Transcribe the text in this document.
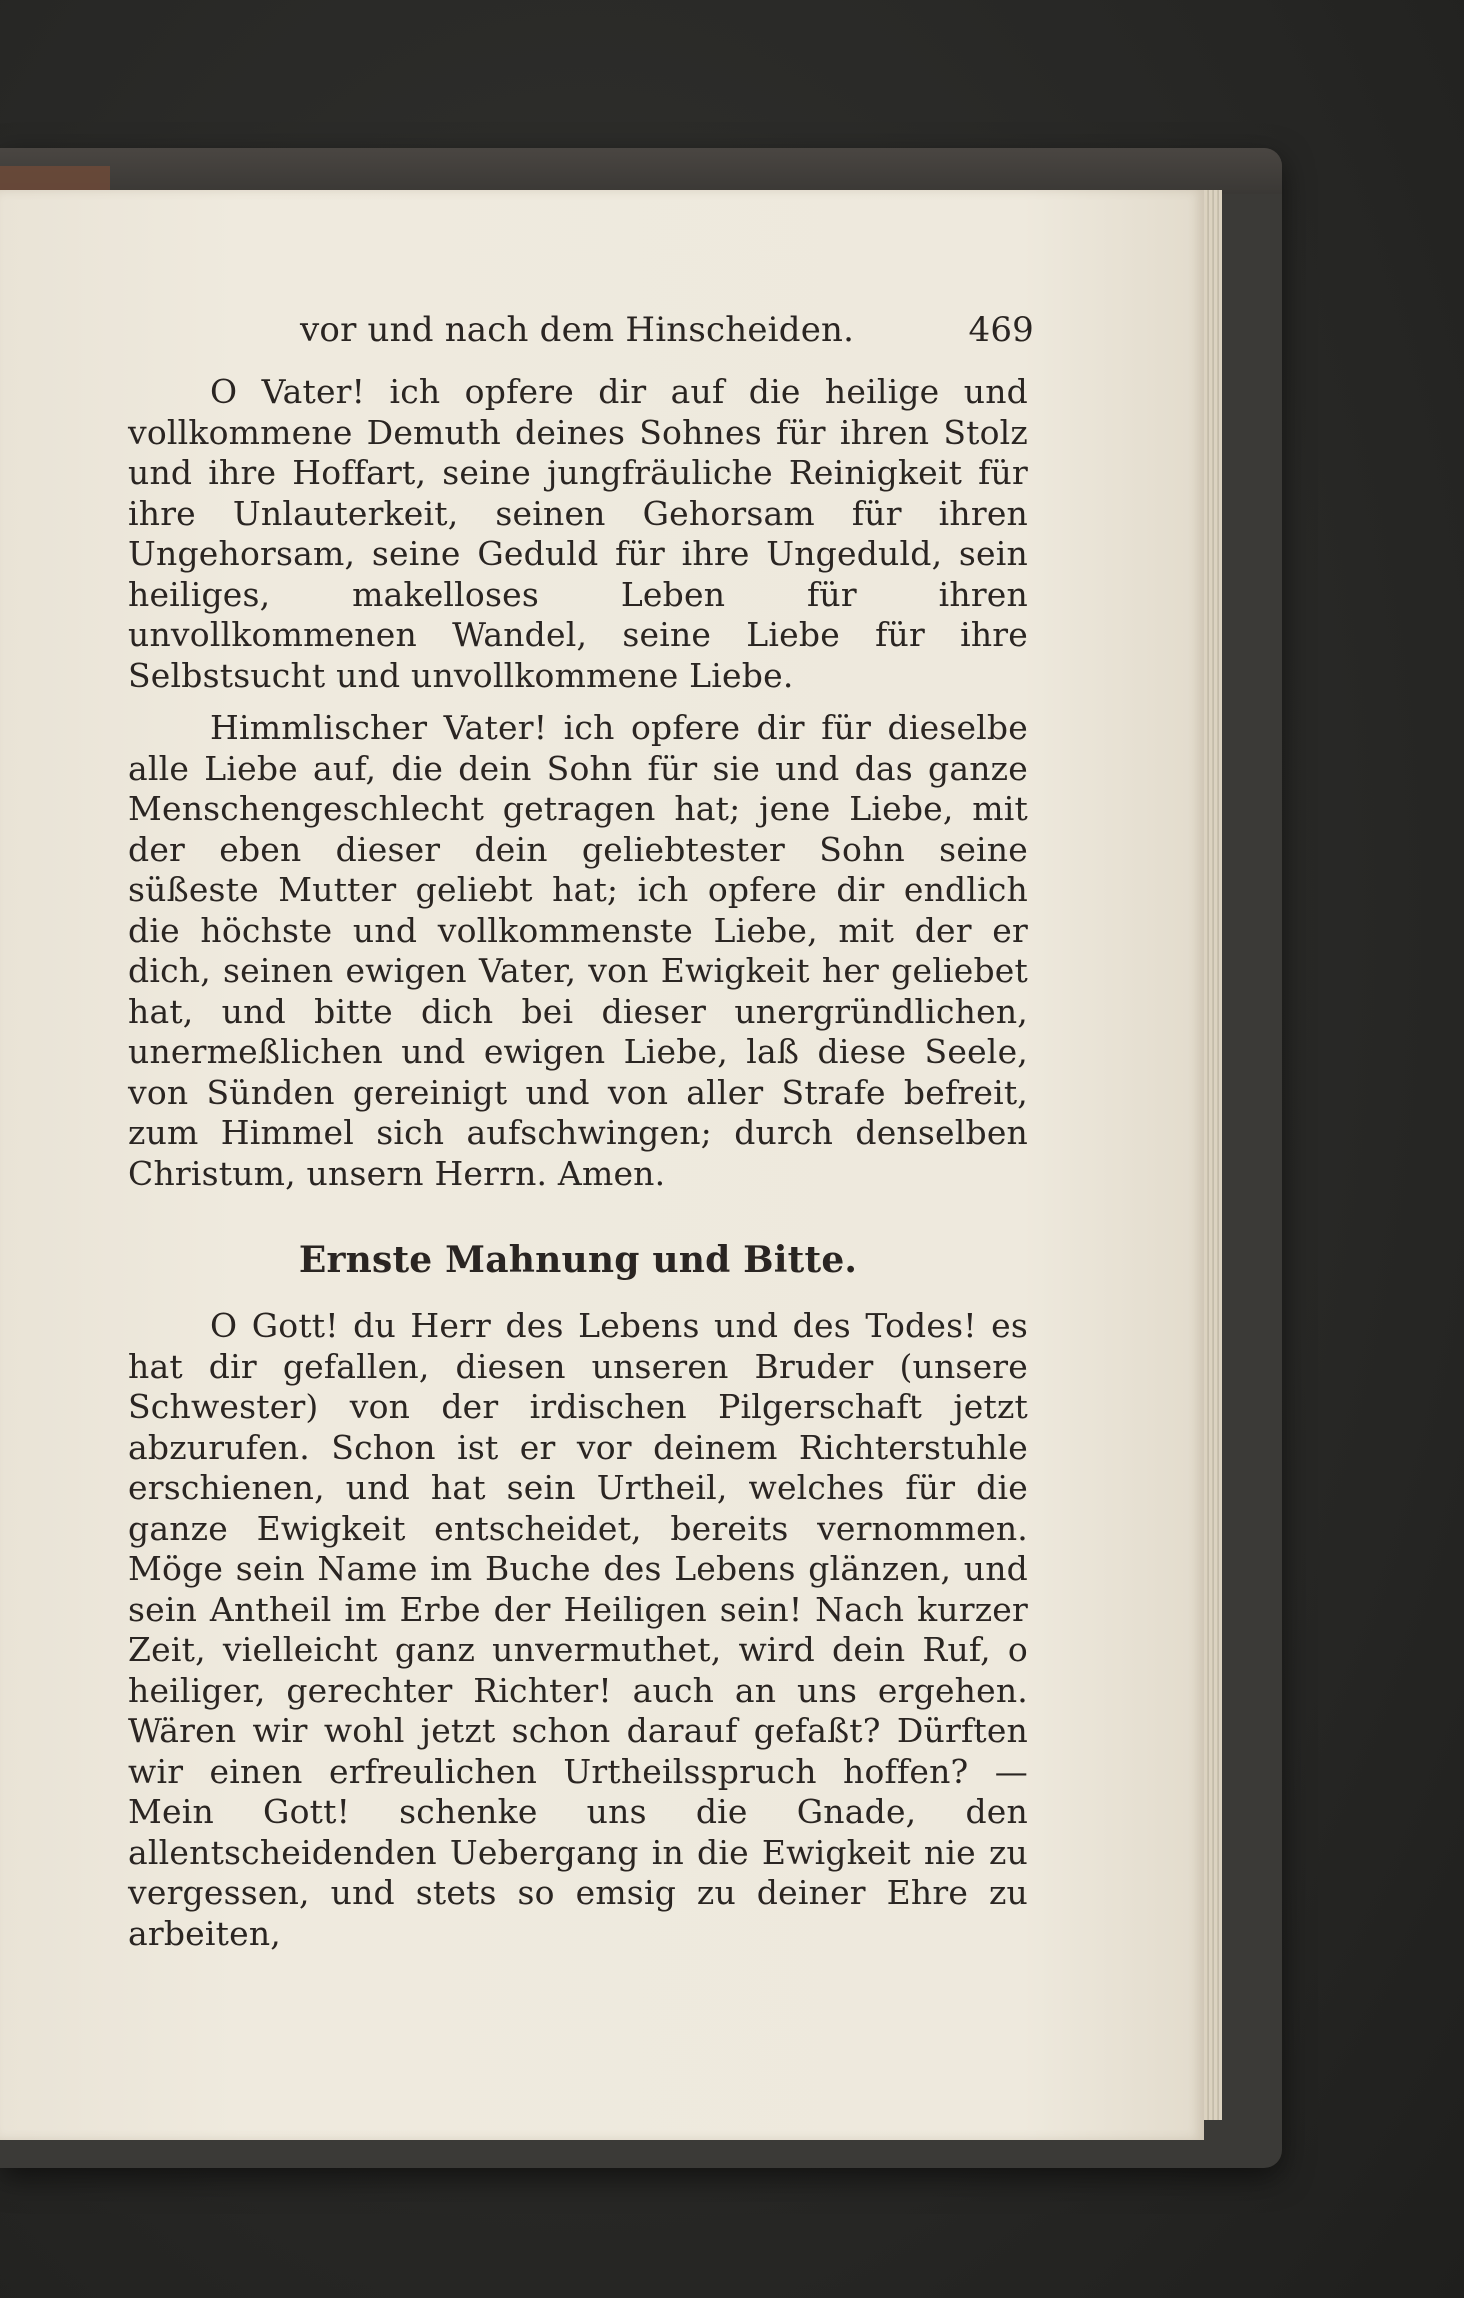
vor und nach dem Hinscheiden.	469

O Vater! ich opfere dir auf die heilige und vollkommene Demuth deines Sohnes für ihren Stolz und ihre Hoffart, seine jungfräuliche Reinigkeit für ihre Unlauterkeit, seinen Gehorsam für ihren Ungehorsam, seine Geduld für ihre Ungeduld, sein heiliges, makelloses Leben für ihren unvollkommenen Wandel, seine Liebe für ihre Selbstsucht und unvollkommene Liebe.

Himmlischer Vater! ich opfere dir für dieselbe alle Liebe auf, die dein Sohn für sie und das ganze Menschengeschlecht getragen hat; jene Liebe, mit der eben dieser dein geliebtester Sohn seine süßeste Mutter geliebt hat; ich opfere dir endlich die höchste und vollkommenste Liebe, mit der er dich, seinen ewigen Vater, von Ewigkeit her geliebet hat, und bitte dich bei dieser unergründlichen, unermeßlichen und ewigen Liebe, laß diese Seele, von Sünden gereinigt und von aller Strafe befreit, zum Himmel sich aufschwingen; durch denselben Christum, unsern Herrn. Amen.

Ernste Mahnung und Bitte.

O Gott! du Herr des Lebens und des Todes! es hat dir gefallen, diesen unseren Bruder (unsere Schwester) von der irdischen Pilgerschaft jetzt abzurufen. Schon ist er vor deinem Richterstuhle erschienen, und hat sein Urtheil, welches für die ganze Ewigkeit entscheidet, bereits vernommen. Möge sein Name im Buche des Lebens glänzen, und sein Antheil im Erbe der Heiligen sein! Nach kurzer Zeit, vielleicht ganz unvermuthet, wird dein Ruf, o heiliger, gerechter Richter! auch an uns ergehen. Wären wir wohl jetzt schon darauf gefaßt? Dürften wir einen erfreulichen Urtheilsspruch hoffen? — Mein Gott! schenke uns die Gnade, den allentscheidenden Uebergang in die Ewigkeit nie zu vergessen, und stets so emsig zu deiner Ehre zu arbeiten,
